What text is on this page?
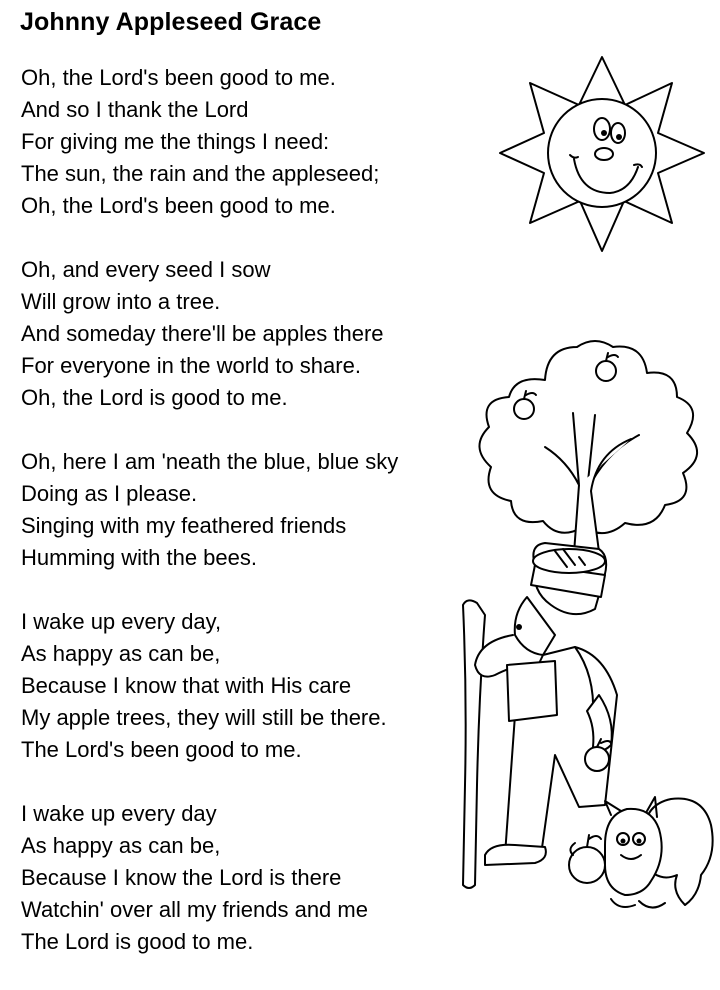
Johnny Appleseed Grace
Oh, the Lord's been good to me.
And so I thank the Lord
For giving me the things I need:
The sun, the rain and the appleseed;
Oh, the Lord's been good to me.
Oh, and every seed I sow
Will grow into a tree.
And someday there'll be apples there
For everyone in the world to share.
Oh, the Lord is good to me.
Oh, here I am 'neath the blue, blue sky
Doing as I please.
Singing with my feathered friends
Humming with the bees.
I wake up every day,
As happy as can be,
Because I know that with His care
My apple trees, they will still be there.
The Lord's been good to me.
I wake up every day
As happy as can be,
Because I know the Lord is there
Watchin' over all my friends and me
The Lord is good to me.
